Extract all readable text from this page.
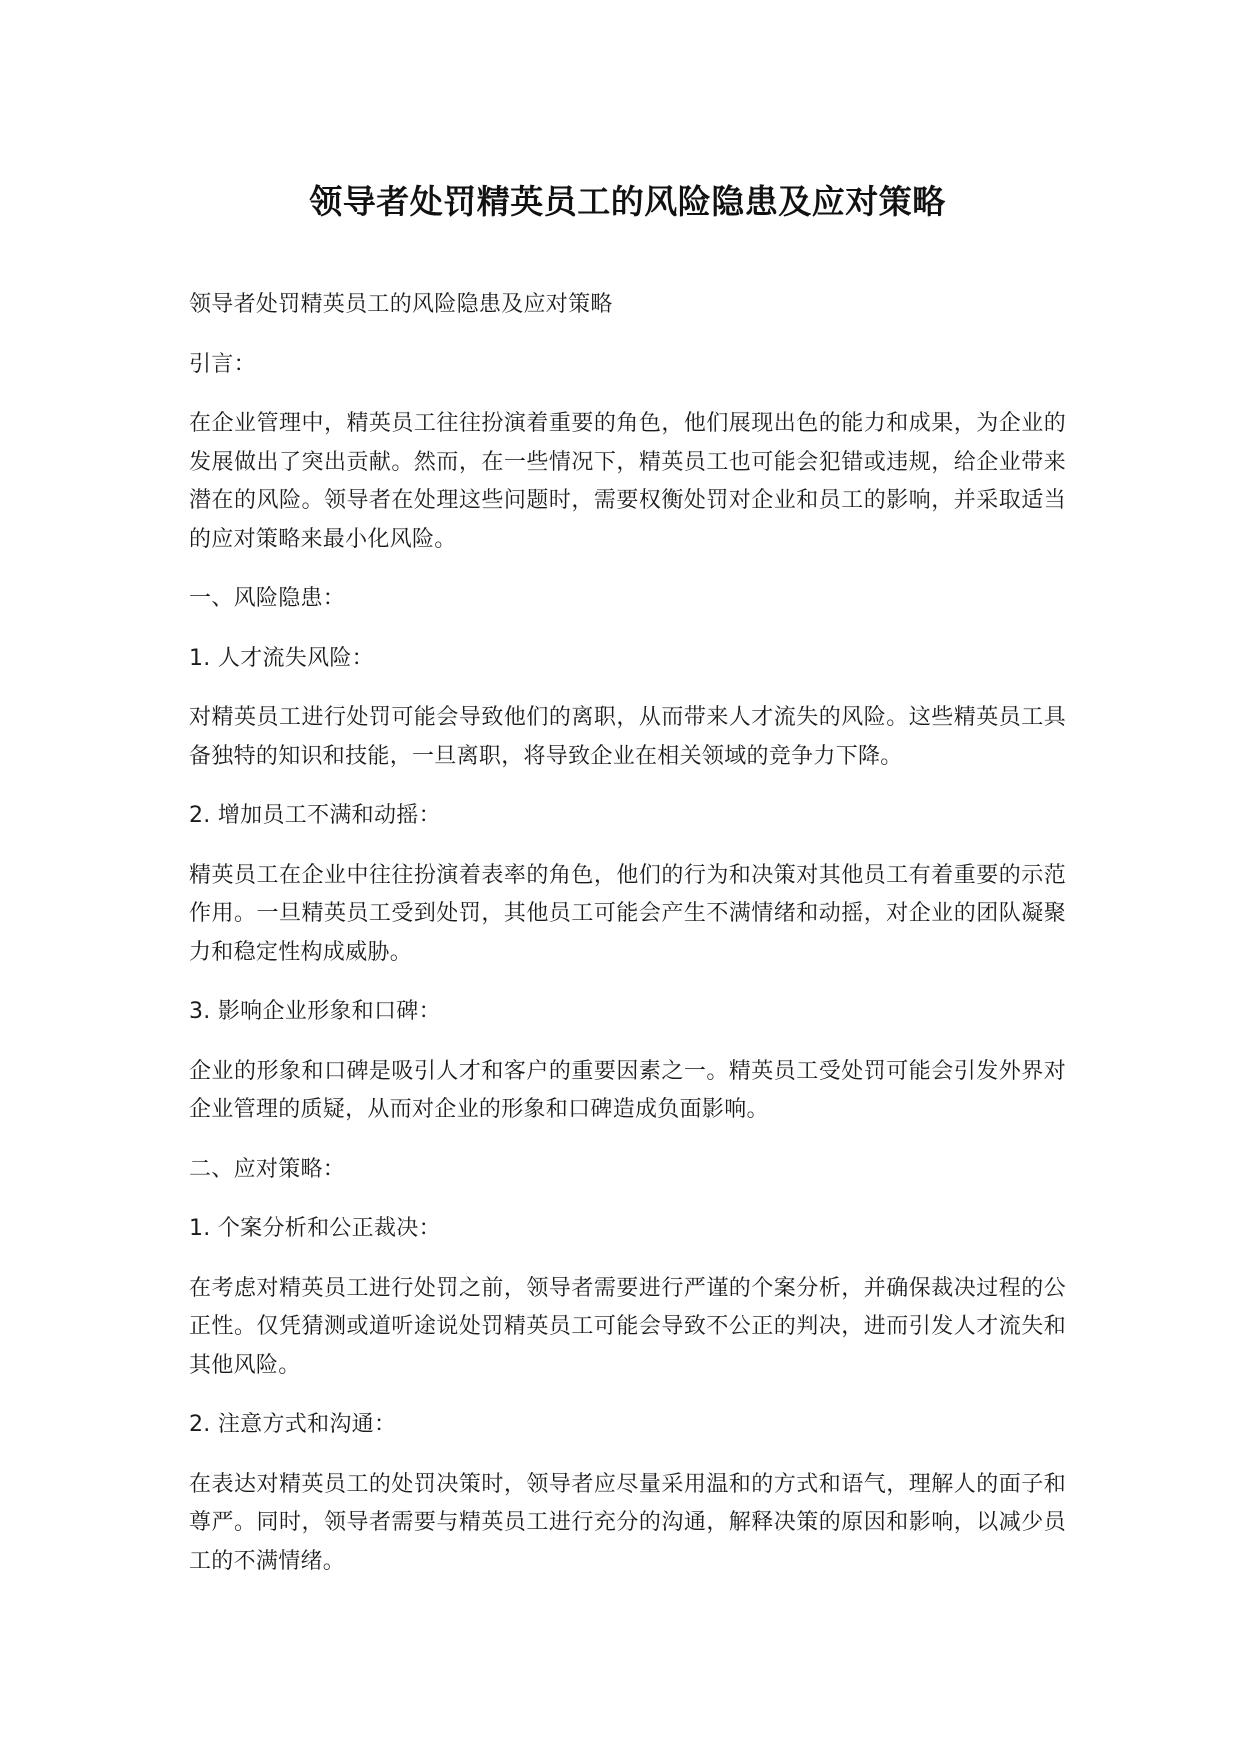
领导者处罚精英员工的风险隐患及应对策略

领导者处罚精英员工的风险隐患及应对策略

引言：

在企业管理中，精英员工往往扮演着重要的角色，他们展现出色的能力和成果，为企业的发展做出了突出贡献。然而，在一些情况下，精英员工也可能会犯错或违规，给企业带来潜在的风险。领导者在处理这些问题时，需要权衡处罚对企业和员工的影响，并采取适当的应对策略来最小化风险。

一、风险隐患：

1. 人才流失风险：

对精英员工进行处罚可能会导致他们的离职，从而带来人才流失的风险。这些精英员工具备独特的知识和技能，一旦离职，将导致企业在相关领域的竞争力下降。

2. 增加员工不满和动摇：

精英员工在企业中往往扮演着表率的角色，他们的行为和决策对其他员工有着重要的示范作用。一旦精英员工受到处罚，其他员工可能会产生不满情绪和动摇，对企业的团队凝聚力和稳定性构成威胁。

3. 影响企业形象和口碑：

企业的形象和口碑是吸引人才和客户的重要因素之一。精英员工受处罚可能会引发外界对企业管理的质疑，从而对企业的形象和口碑造成负面影响。

二、应对策略：

1. 个案分析和公正裁决：

在考虑对精英员工进行处罚之前，领导者需要进行严谨的个案分析，并确保裁决过程的公正性。仅凭猜测或道听途说处罚精英员工可能会导致不公正的判决，进而引发人才流失和其他风险。

2. 注意方式和沟通：

在表达对精英员工的处罚决策时，领导者应尽量采用温和的方式和语气，理解人的面子和尊严。同时，领导者需要与精英员工进行充分的沟通，解释决策的原因和影响，以减少员工的不满情绪。
